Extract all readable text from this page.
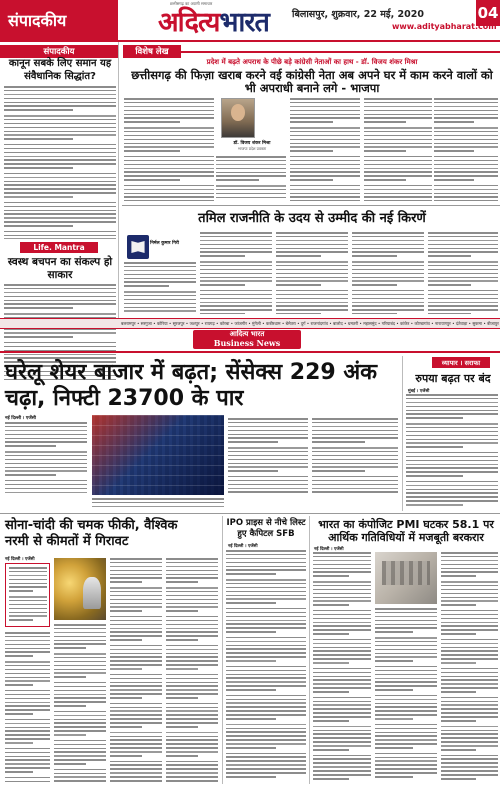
संपादकीय
छत्तीसगढ़ का अग्रणी समाचार
अदित्यभारत बिलासपुर, शुक्रवार, 22 मई, 2020	04
www.adityabharat.com
संपादकीय
कानून सबके लिए समान यह संवैधानिक सिद्धांत?
Life. Mantra
स्वस्थ बचपन का संकल्प हो साकार
विशेष लेख
प्रदेश में बढ़ते अपराध के पीछे बड़े कांग्रेसी नेताओं का हाथ - डॉ. विजय शंकर मिश्रा
छत्तीसगढ़ की फिज़ा खराब करने वई कांग्रेसी नेता अब अपने घर में काम करने वालों को भी अपराधी बनाने लगे - भाजपा
डॉ. विजय शंकर मिश्रा
भाजपा प्रदेश प्रवक्ता
तमिल राजनीति के उदय से उम्मीद की नई किरणें
निर्मल कुमार गिरी
बलरामपुर • सरगुजा • कोरिया • सूरजपुर • जशपुर • रायगढ़ • कोरबा • जांजगीर • मुंगेली • कबीरधाम • बेमेतरा • दुर्ग • राजनांदगांव • बालोद • धमतरी • महासमुंद • गरियाबंद • कांकेर • कोण्डागांव • नारायणपुर • दंतेवाड़ा • सुकमा • बीजापुर
आदित्य भारत
Business News
घरेलू शेयर बाजार में बढ़त; सेंसेक्स 229 अंक चढ़ा, निफ्टी 23700 के पार
नई दिल्ली । एजेंसी
व्यापार । सराफा
रुपया बढ़त पर बंद
मुंबई । एजेंसी
सोना-चांदी की चमक फीकी, वैश्विक नरमी से कीमतों में गिरावट
नई दिल्ली । एजेंसी
IPO प्राइस से नीचे लिस्ट हुए कैपिटल SFB
नई दिल्ली । एजेंसी
भारत का कंपोजिट PMI घटकर 58.1 पर आर्थिक गतिविधियों में मजबूती बरकरार
नई दिल्ली । एजेंसी
